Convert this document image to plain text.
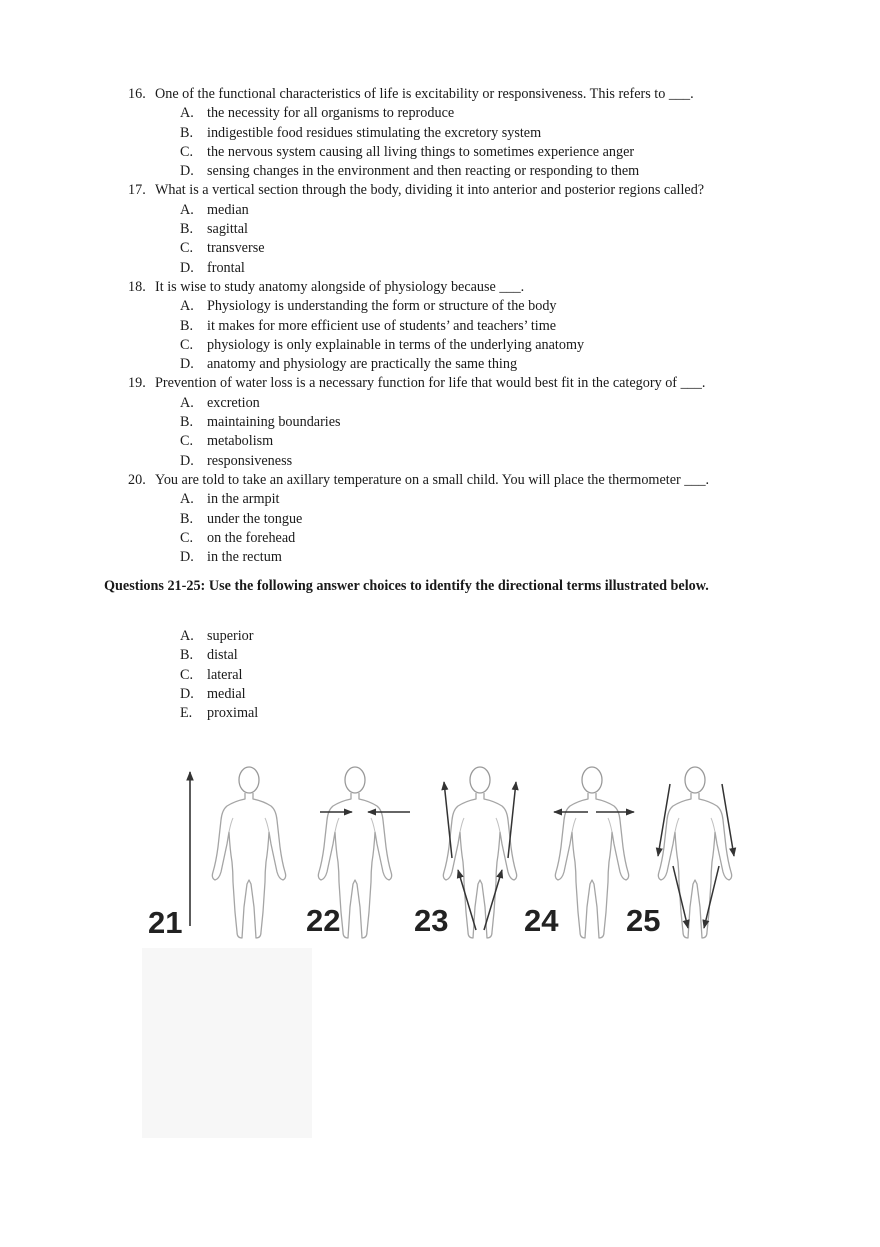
16. One of the functional characteristics of life is excitability or responsiveness. This refers to ___.
A. the necessity for all organisms to reproduce
B. indigestible food residues stimulating the excretory system
C. the nervous system causing all living things to sometimes experience anger
D. sensing changes in the environment and then reacting or responding to them
17. What is a vertical section through the body, dividing it into anterior and posterior regions called?
A. median
B. sagittal
C. transverse
D. frontal
18. It is wise to study anatomy alongside of physiology because ___.
A. Physiology is understanding the form or structure of the body
B. it makes for more efficient use of students’ and teachers’ time
C. physiology is only explainable in terms of the underlying anatomy
D. anatomy and physiology are practically the same thing
19. Prevention of water loss is a necessary function for life that would best fit in the category of ___.
A. excretion
B. maintaining boundaries
C. metabolism
D. responsiveness
20. You are told to take an axillary temperature on a small child. You will place the thermometer ___.
A. in the armpit
B. under the tongue
C. on the forehead
D. in the rectum
Questions 21-25: Use the following answer choices to identify the directional terms illustrated below.
A. superior
B. distal
C. lateral
D. medial
E. proximal
21	22 23 24 25
